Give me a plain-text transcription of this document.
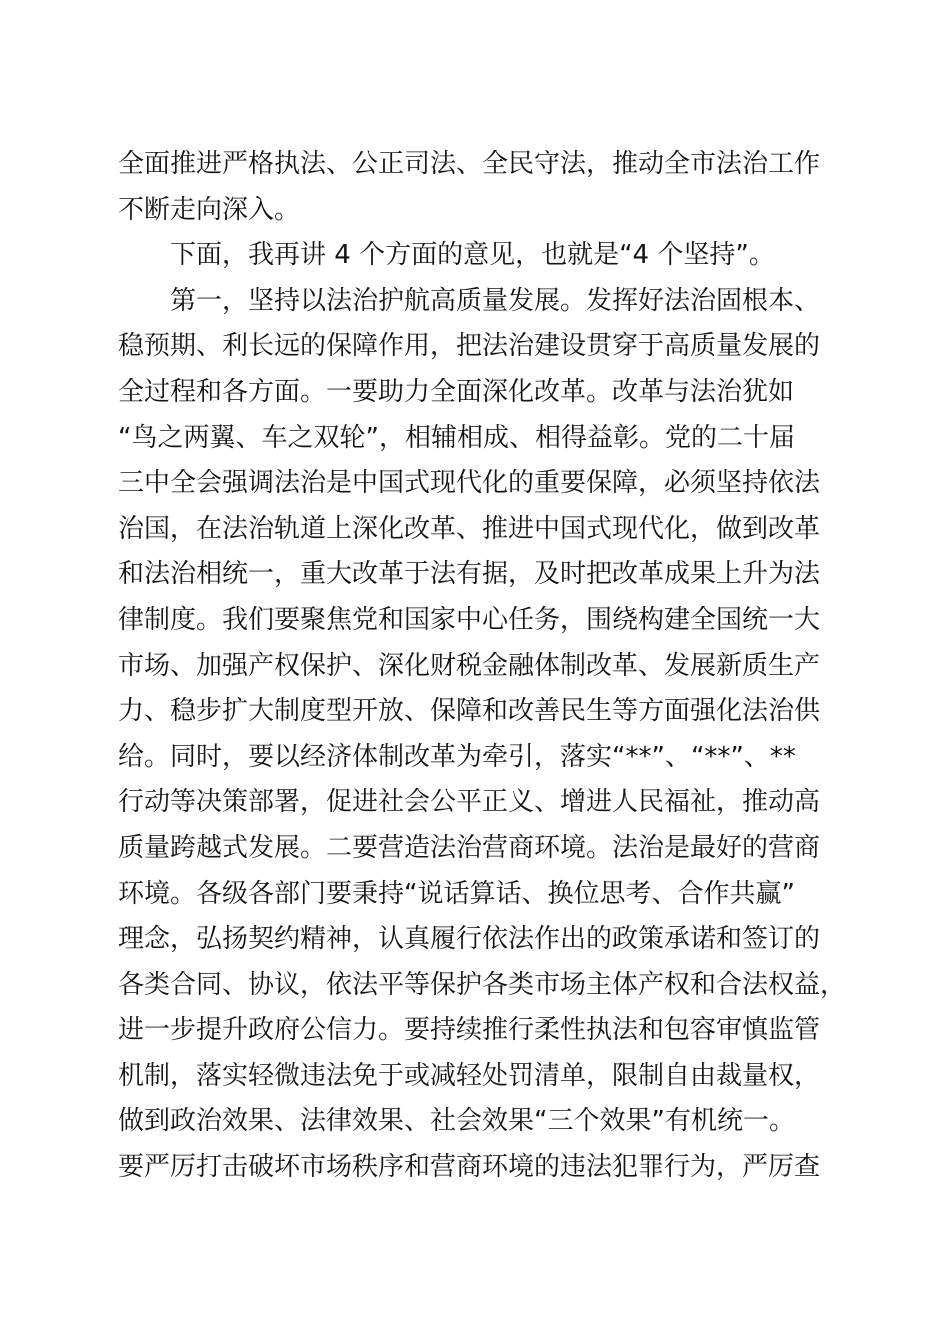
全面推进严格执法、公正司法、全民守法，推动全市法治工作
不断走向深入。
下面，我再讲 4 个方面的意见，也就是“4 个坚持”。
第一，坚持以法治护航高质量发展。发挥好法治固根本、
稳预期、利长远的保障作用，把法治建设贯穿于高质量发展的
全过程和各方面。一要助力全面深化改革。改革与法治犹如
“鸟之两翼、车之双轮”，相辅相成、相得益彰。党的二十届
三中全会强调法治是中国式现代化的重要保障，必须坚持依法
治国，在法治轨道上深化改革、推进中国式现代化，做到改革
和法治相统一，重大改革于法有据，及时把改革成果上升为法
律制度。我们要聚焦党和国家中心任务，围绕构建全国统一大
市场、加强产权保护、深化财税金融体制改革、发展新质生产
力、稳步扩大制度型开放、保障和改善民生等方面强化法治供
给。同时，要以经济体制改革为牵引，落实“**”、“**”、**
行动等决策部署，促进社会公平正义、增进人民福祉，推动高
质量跨越式发展。二要营造法治营商环境。法治是最好的营商
环境。各级各部门要秉持“说话算话、换位思考、合作共赢”
理念，弘扬契约精神，认真履行依法作出的政策承诺和签订的
各类合同、协议，依法平等保护各类市场主体产权和合法权益，
进一步提升政府公信力。要持续推行柔性执法和包容审慎监管
机制，落实轻微违法免于或减轻处罚清单，限制自由裁量权，
做到政治效果、法律效果、社会效果“三个效果”有机统一。
要严厉打击破坏市场秩序和营商环境的违法犯罪行为，严厉查
